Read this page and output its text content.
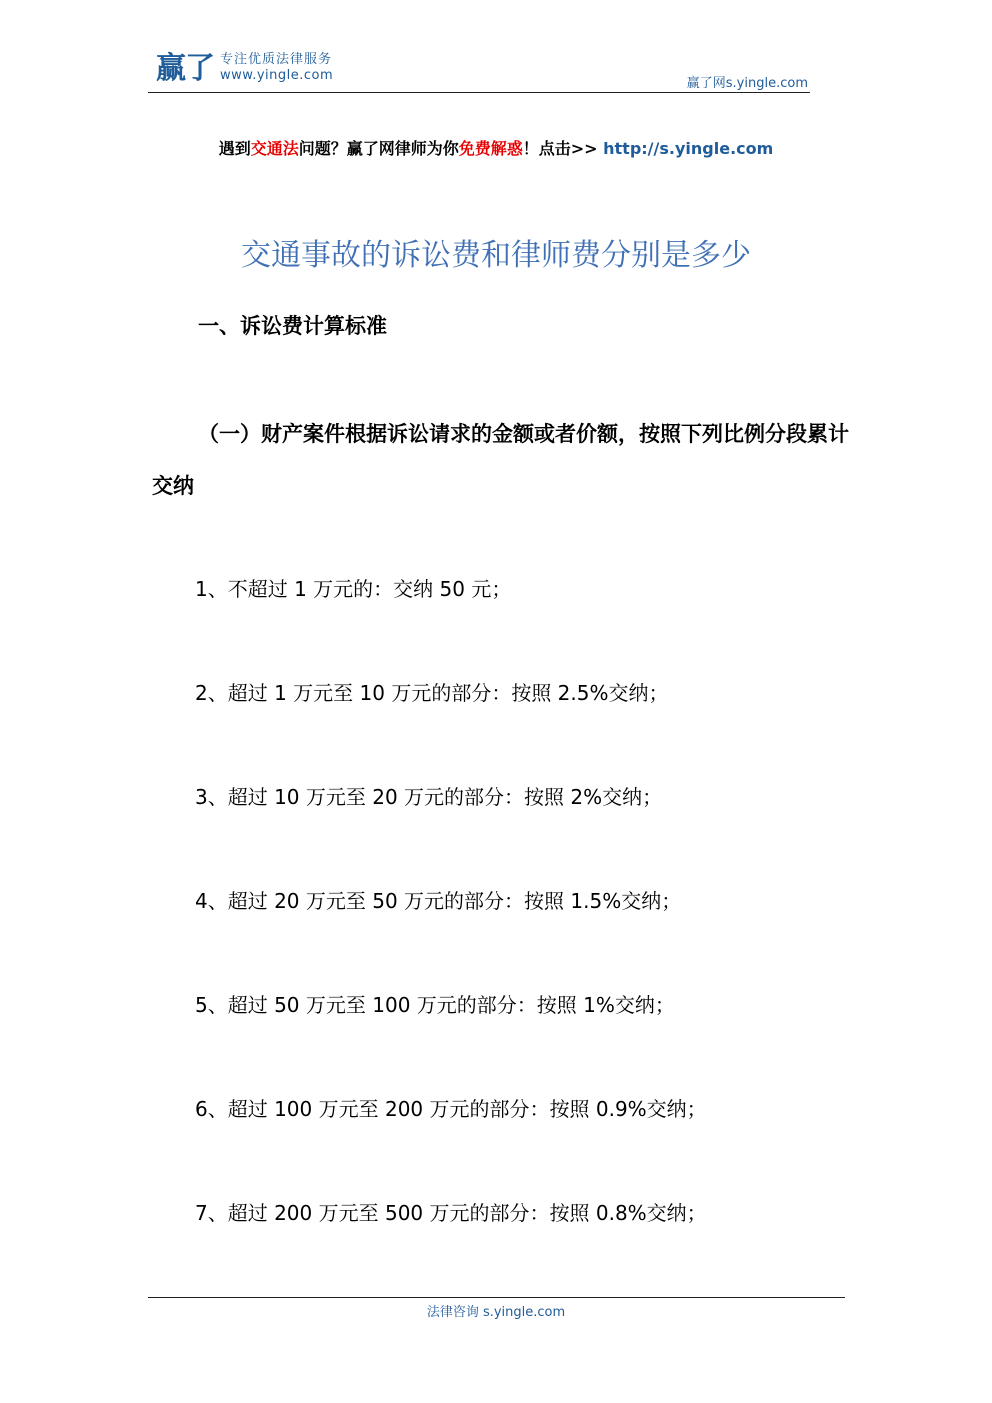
赢了 专注优质法律服务
www.yingle.com
赢了网s.yingle.com
遇到交通法问题？赢了网律师为你免费解惑！点击>> http://s.yingle.com
交通事故的诉讼费和律师费分别是多少
一、诉讼费计算标准
（一）财产案件根据诉讼请求的金额或者价额，按照下列比例分段累计交纳
1、不超过 1 万元的：交纳 50 元；
2、超过 1 万元至 10 万元的部分：按照 2.5%交纳；
3、超过 10 万元至 20 万元的部分：按照 2%交纳；
4、超过 20 万元至 50 万元的部分：按照 1.5%交纳；
5、超过 50 万元至 100 万元的部分：按照 1%交纳；
6、超过 100 万元至 200 万元的部分：按照 0.9%交纳；
7、超过 200 万元至 500 万元的部分：按照 0.8%交纳；
法律咨询 s.yingle.com
